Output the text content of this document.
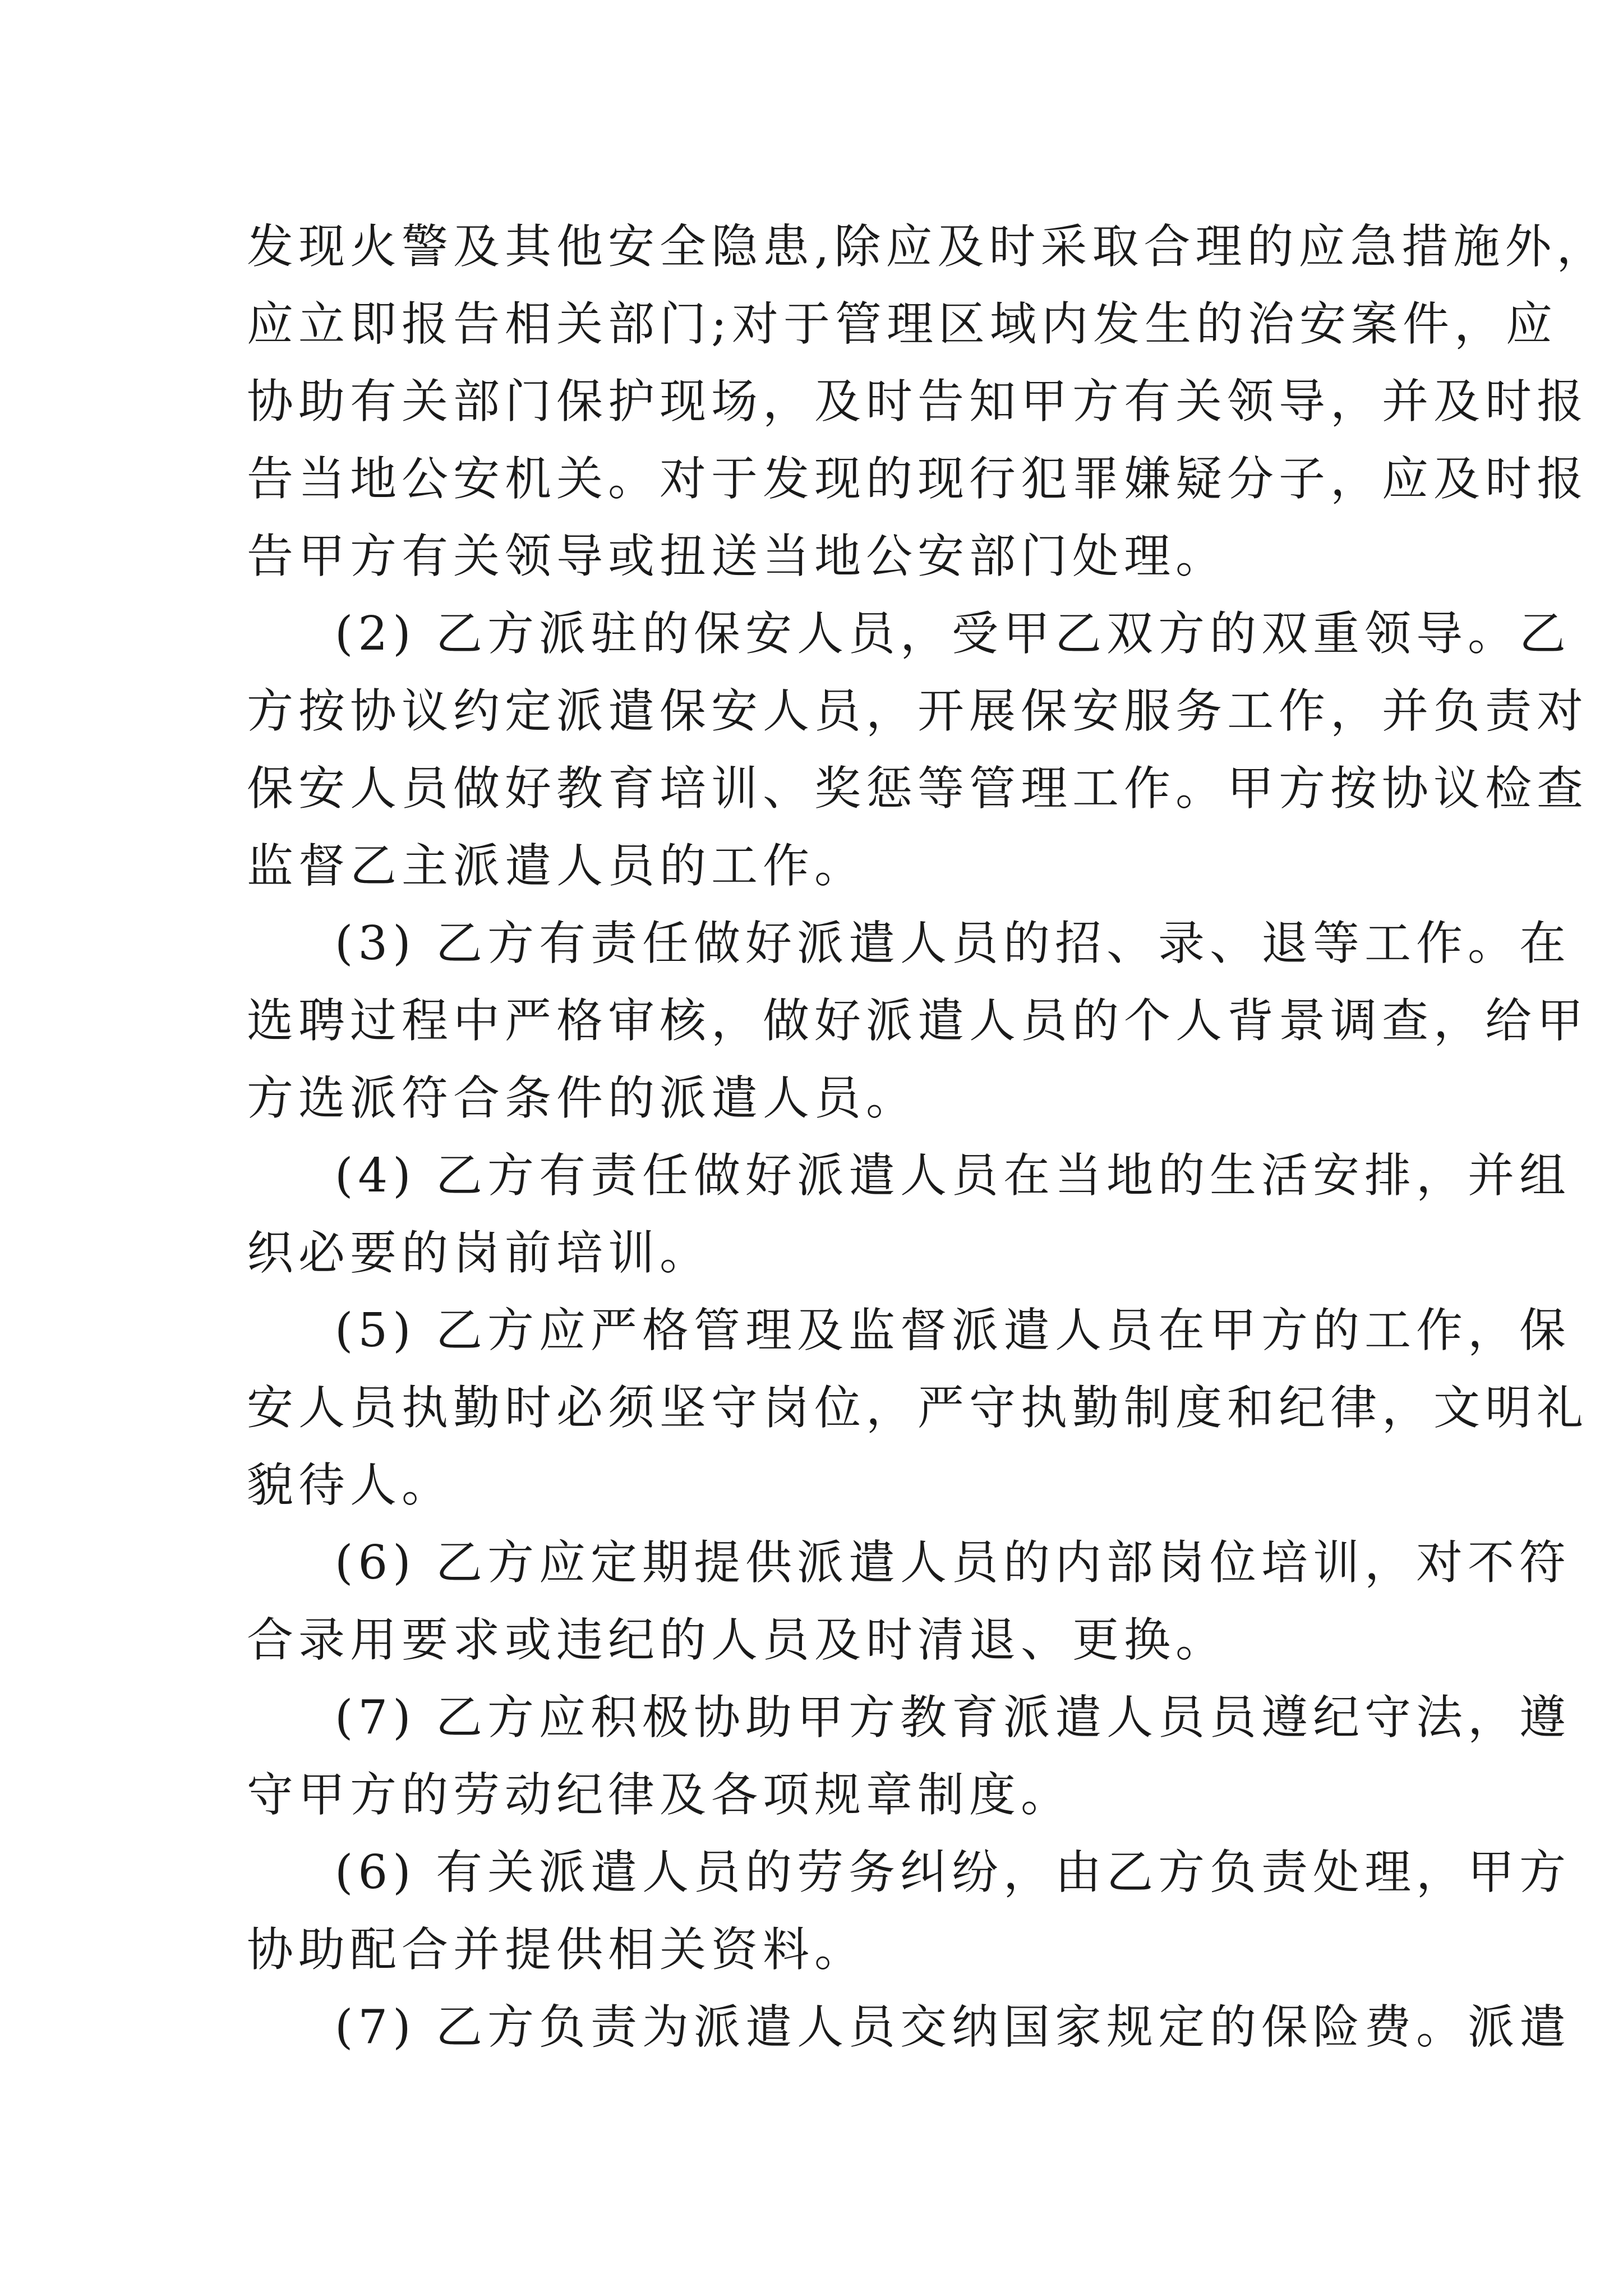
发现火警及其他安全隐患,除应及时采取合理的应急措施外，
应立即报告相关部门;对于管理区域内发生的治安案件，应
协助有关部门保护现场，及时告知甲方有关领导，并及时报
告当地公安机关。对于发现的现行犯罪嫌疑分子，应及时报
告甲方有关领导或扭送当地公安部门处理。
(2) 乙方派驻的保安人员，受甲乙双方的双重领导。乙
方按协议约定派遣保安人员，开展保安服务工作，并负责对
保安人员做好教育培训、奖惩等管理工作。甲方按协议检查
监督乙主派遣人员的工作。
(3) 乙方有责任做好派遣人员的招、录、退等工作。在
选聘过程中严格审核，做好派遣人员的个人背景调查，给甲
方选派符合条件的派遣人员。
(4) 乙方有责任做好派遣人员在当地的生活安排，并组
织必要的岗前培训。
(5) 乙方应严格管理及监督派遣人员在甲方的工作，保
安人员执勤时必须坚守岗位，严守执勤制度和纪律，文明礼
貌待人。
(6) 乙方应定期提供派遣人员的内部岗位培训，对不符
合录用要求或违纪的人员及时清退、更换。
(7) 乙方应积极协助甲方教育派遣人员员遵纪守法，遵
守甲方的劳动纪律及各项规章制度。
(6) 有关派遣人员的劳务纠纷，由乙方负责处理，甲方
协助配合并提供相关资料。
(7) 乙方负责为派遣人员交纳国家规定的保险费。派遣
